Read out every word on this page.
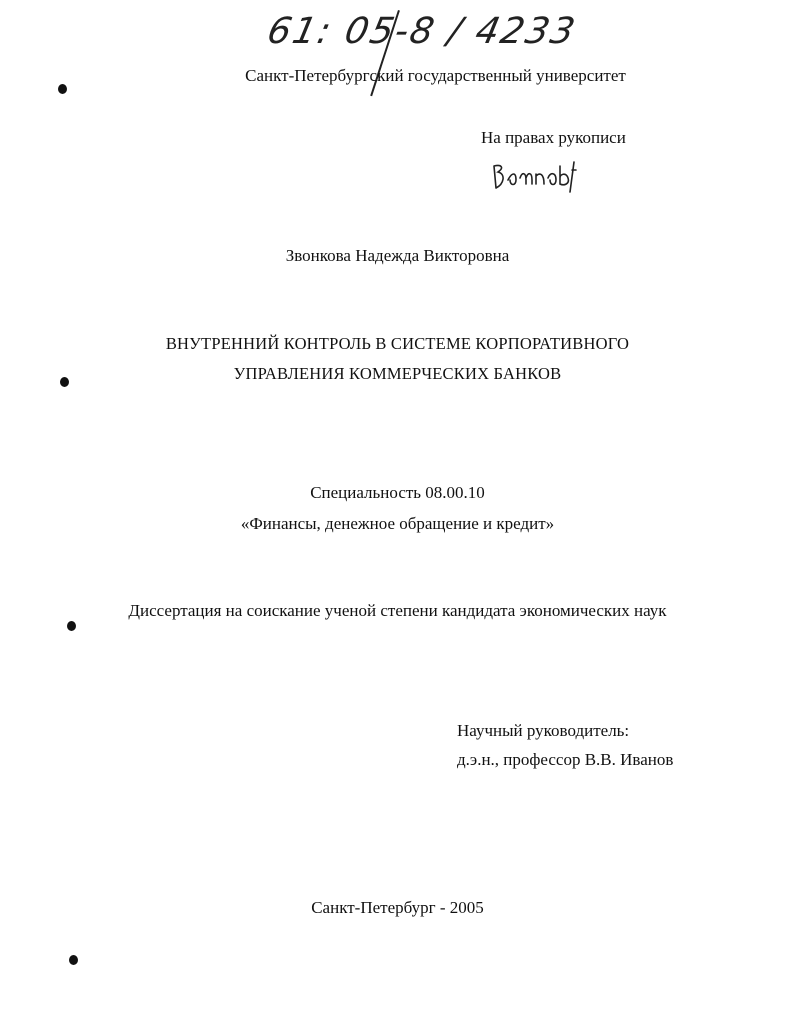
61: 05-8 / 4233
Санкт-Петербургский государственный университет
На правах рукописи
Звонкова Надежда Викторовна
ВНУТРЕННИЙ КОНТРОЛЬ В СИСТЕМЕ КОРПОРАТИВНОГО
УПРАВЛЕНИЯ КОММЕРЧЕСКИХ БАНКОВ
Специальность 08.00.10
«Финансы, денежное обращение и кредит»
Диссертация на соискание ученой степени кандидата экономических наук
Научный руководитель:
д.э.н., профессор В.В. Иванов
Санкт-Петербург - 2005
